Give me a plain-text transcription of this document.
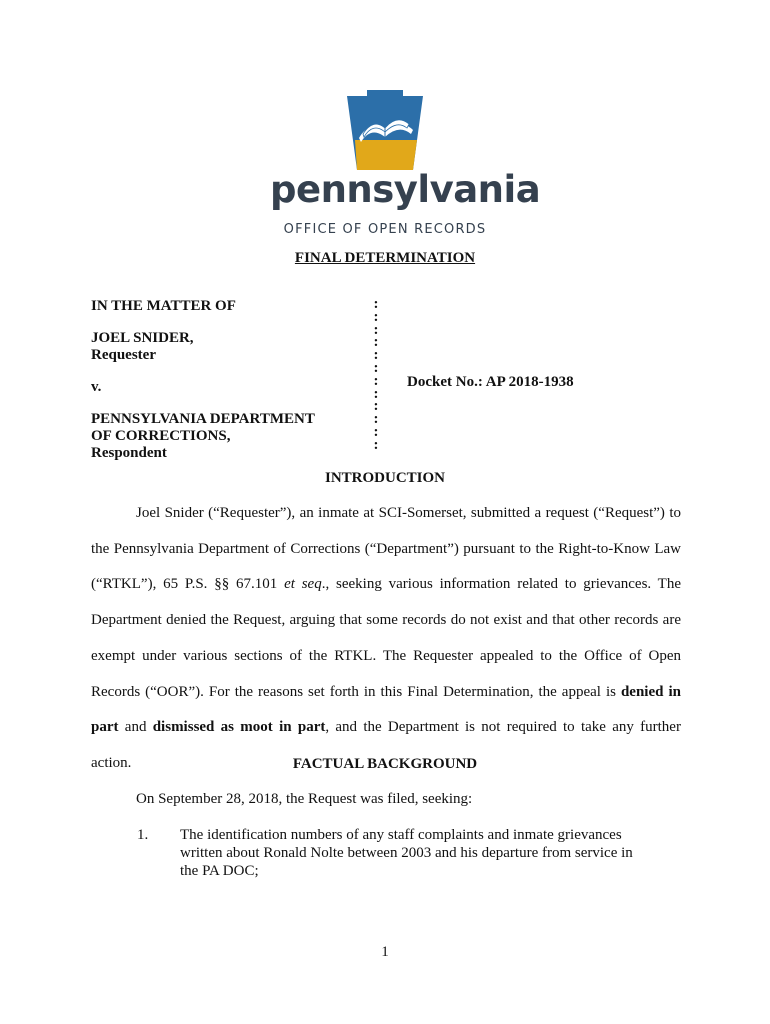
pennsylvania
OFFICE OF OPEN RECORDS
FINAL DETERMINATION
IN THE MATTER OF
JOEL SNIDER,
Requester
v.
PENNSYLVANIA DEPARTMENT
OF CORRECTIONS,
Respondent
:
:
:
:
:
:
:
:
:
:
:
:
Docket No.: AP 2018-1938
INTRODUCTION

Joel Snider (“Requester”), an inmate at SCI-Somerset, submitted a request (“Request”) to the Pennsylvania Department of Corrections (“Department”) pursuant to the Right-to-Know Law (“RTKL”), 65 P.S. §§ 67.101 et seq., seeking various information related to grievances. The Department denied the Request, arguing that some records do not exist and that other records are exempt under various sections of the RTKL. The Requester appealed to the Office of Open Records (“OOR”). For the reasons set forth in this Final Determination, the appeal is denied in part and dismissed as moot in part, and the Department is not required to take any further action.	FACTUAL BACKGROUND

On September 28, 2018, the Request was filed, seeking:

1. The identification numbers of any staff complaints and inmate grievances
written about Ronald Nolte between 2003 and his departure from service in
the PA DOC;
1
